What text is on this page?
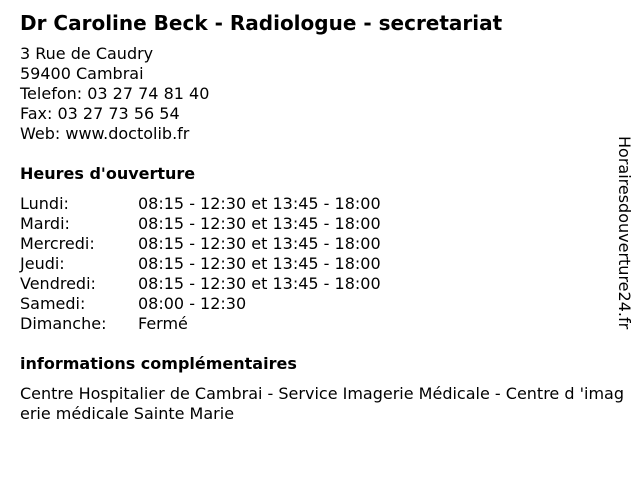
Dr Caroline Beck - Radiologue - secretariat
3 Rue de Caudry
59400 Cambrai
Telefon: 03 27 74 81 40
Fax: 03 27 73 56 54
Web: www.doctolib.fr
Heures d'ouverture
Lundi:	08:15 - 12:30 et 13:45 - 18:00
Mardi:	08:15 - 12:30 et 13:45 - 18:00
Mercredi:	08:15 - 12:30 et 13:45 - 18:00
Jeudi:	08:15 - 12:30 et 13:45 - 18:00
Vendredi:	08:15 - 12:30 et 13:45 - 18:00
Samedi:	08:00 - 12:30
Dimanche: Fermé
informations complémentaires
Centre Hospitalier de Cambrai - Service Imagerie Médicale - Centre d 'imagerie médicale Sainte Marie
Horairesdouverture24.fr
